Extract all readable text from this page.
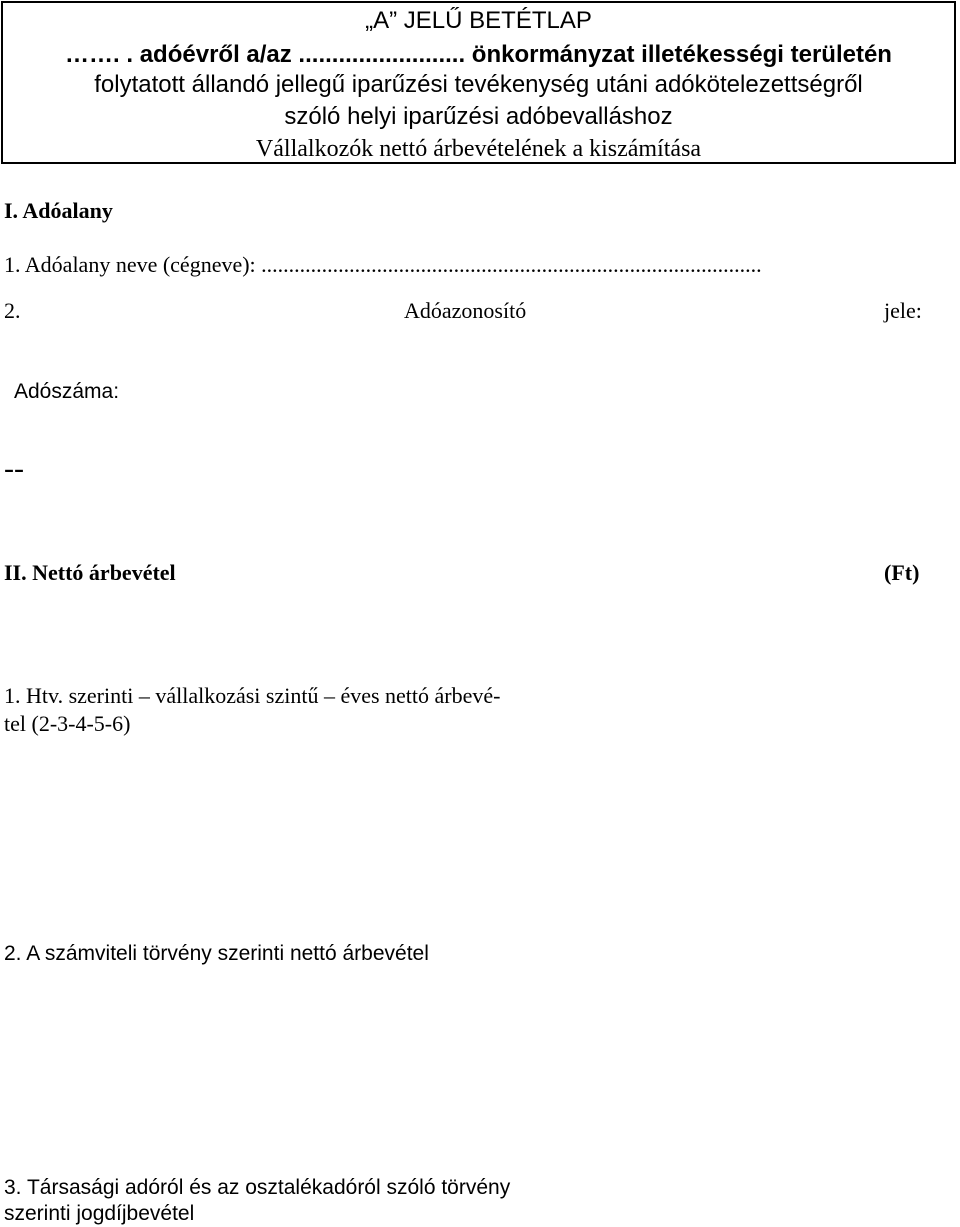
„A” JELŰ BETÉTLAP
……. . adóévről a/az ......................... önkormányzat illetékességi területén
folytatott állandó jellegű iparűzési tevékenység utáni adókötelezettségről
szóló helyi iparűzési adóbevalláshoz
Vállalkozók nettó árbevételének a kiszámítása
I. Adóalany
1. Adóalany neve (cégneve): ...........................................................................................
2.	Adóazonosító	jele:
Adószáma:
--
II. Nettó árbevétel	(Ft)
1. Htv. szerinti – vállalkozási szintű – éves nettó árbevé-
tel (2-3-4-5-6)
2. A számviteli törvény szerinti nettó árbevétel
3. Társasági adóról és az osztalékadóról szóló törvény
szerinti jogdíjbevétel
